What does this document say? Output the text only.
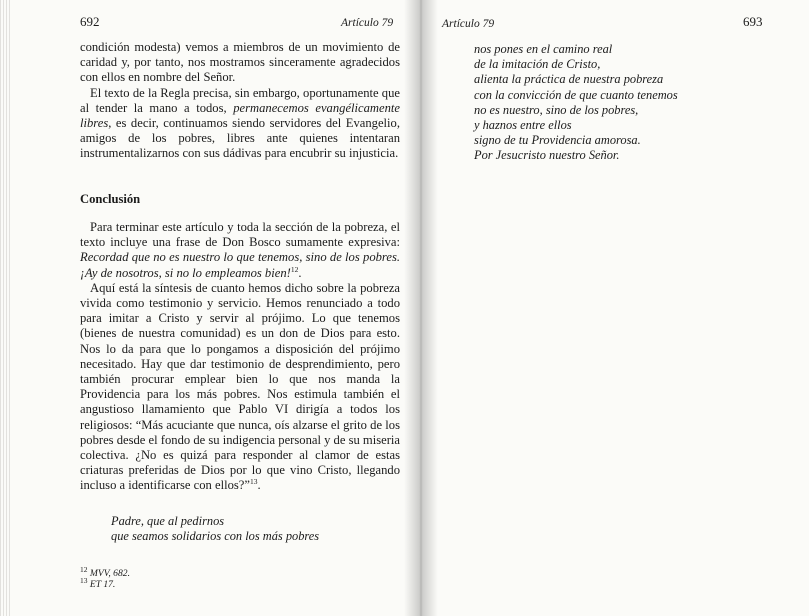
692	Artículo 79

condición modesta) vemos a miembros de un movimiento de caridad y, por tanto, nos mostramos sinceramente agradecidos con ellos en nombre del Señor.

El texto de la Regla precisa, sin embargo, oportunamente que al tender la mano a todos, permanecemos evangélicamente libres, es decir, continuamos siendo servidores del Evangelio, amigos de los pobres, libres ante quienes intentaran instrumentalizarnos con sus dádivas para encubrir su injusticia.

Conclusión

Para terminar este artículo y toda la sección de la pobreza, el texto incluye una frase de Don Bosco sumamente expresiva: Recordad que no es nuestro lo que tenemos, sino de los pobres. ¡Ay de nosotros, si no lo empleamos bien!$^{12}$.

Aquí está la síntesis de cuanto hemos dicho sobre la pobreza vivida como testimonio y servicio. Hemos renunciado a todo para imitar a Cristo y servir al prójimo. Lo que tenemos (bienes de nuestra comunidad) es un don de Dios para esto. Nos lo da para que lo pongamos a disposición del prójimo necesitado. Hay que dar testimonio de desprendimiento, pero también procurar emplear bien lo que nos manda la Providencia para los más pobres. Nos estimula también el angustioso llamamiento que Pablo VI dirigía a todos los religiosos: “Más acuciante que nunca, oís alzarse el grito de los pobres desde el fondo de su indigencia personal y de su miseria colectiva. ¿No es quizá para responder al clamor de estas criaturas preferidas de Dios por lo que vino Cristo, llegando incluso a identificarse con ellos?”$^{13}$.

Padre, que al pedirnos
que seamos solidarios con los más pobres
$^{12}$ MVV, 682.
$^{13}$ ET 17.
Artículo 79	693
nos pones en el camino real
de la imitación de Cristo,
alienta la práctica de nuestra pobreza
con la convicción de que cuanto tenemos
no es nuestro, sino de los pobres,
y haznos entre ellos
signo de tu Providencia amorosa.
Por Jesucristo nuestro Señor.
